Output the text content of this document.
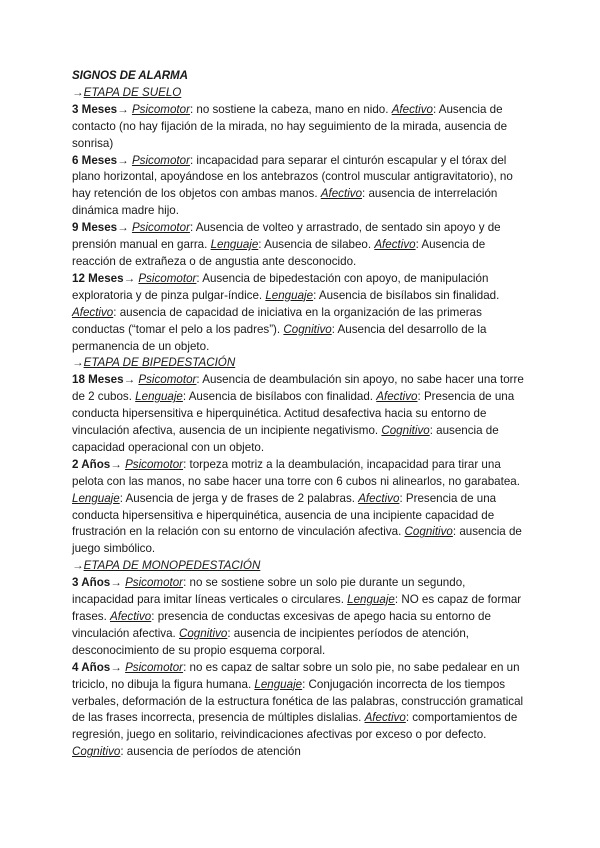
SIGNOS DE ALARMA
→ETAPA DE SUELO

3 Meses→ Psicomotor: no sostiene la cabeza, mano en nido. Afectivo: Ausencia de contacto (no hay fijación de la mirada, no hay seguimiento de la mirada, ausencia de sonrisa)

6 Meses→ Psicomotor: incapacidad para separar el cinturón escapular y el tórax del plano horizontal, apoyándose en los antebrazos (control muscular antigravitatorio), no hay retención de los objetos con ambas manos. Afectivo: ausencia de interrelación dinámica madre hijo.

9 Meses→ Psicomotor: Ausencia de volteo y arrastrado, de sentado sin apoyo y de prensión manual en garra. Lenguaje: Ausencia de silabeo. Afectivo: Ausencia de reacción de extrañeza o de angustia ante desconocido.

12 Meses→ Psicomotor: Ausencia de bipedestación con apoyo, de manipulación exploratoria y de pinza pulgar-índice. Lenguaje: Ausencia de bisílabos sin finalidad. Afectivo: ausencia de capacidad de iniciativa en la organización de las primeras conductas (“tomar el pelo a los padres”). Cognitivo: Ausencia del desarrollo de la permanencia de un objeto.

→ETAPA DE BIPEDESTACIÓN

18 Meses→ Psicomotor: Ausencia de deambulación sin apoyo, no sabe hacer una torre de 2 cubos. Lenguaje: Ausencia de bisílabos con finalidad. Afectivo: Presencia de una conducta hipersensitiva e hiperquinética. Actitud desafectiva hacia su entorno de vinculación afectiva, ausencia de un incipiente negativismo. Cognitivo: ausencia de capacidad operacional con un objeto.

2 Años→ Psicomotor: torpeza motriz a la deambulación, incapacidad para tirar una pelota con las manos, no sabe hacer una torre con 6 cubos ni alinearlos, no garabatea. Lenguaje: Ausencia de jerga y de frases de 2 palabras. Afectivo: Presencia de una conducta hipersensitiva e hiperquinética, ausencia de una incipiente capacidad de frustración en la relación con su entorno de vinculación afectiva. Cognitivo: ausencia de juego simbólico.

→ETAPA DE MONOPEDESTACIÓN

3 Años→ Psicomotor: no se sostiene sobre un solo pie durante un segundo, incapacidad para imitar líneas verticales o circulares. Lenguaje: NO es capaz de formar frases. Afectivo: presencia de conductas excesivas de apego hacia su entorno de vinculación afectiva. Cognitivo: ausencia de incipientes períodos de atención, desconocimiento de su propio esquema corporal.

4 Años→ Psicomotor: no es capaz de saltar sobre un solo pie, no sabe pedalear en un triciclo, no dibuja la figura humana. Lenguaje: Conjugación incorrecta de los tiempos verbales, deformación de la estructura fonética de las palabras, construcción gramatical de las frases incorrecta, presencia de múltiples dislalias. Afectivo: comportamientos de regresión, juego en solitario, reivindicaciones afectivas por exceso o por defecto. Cognitivo: ausencia de períodos de atención
